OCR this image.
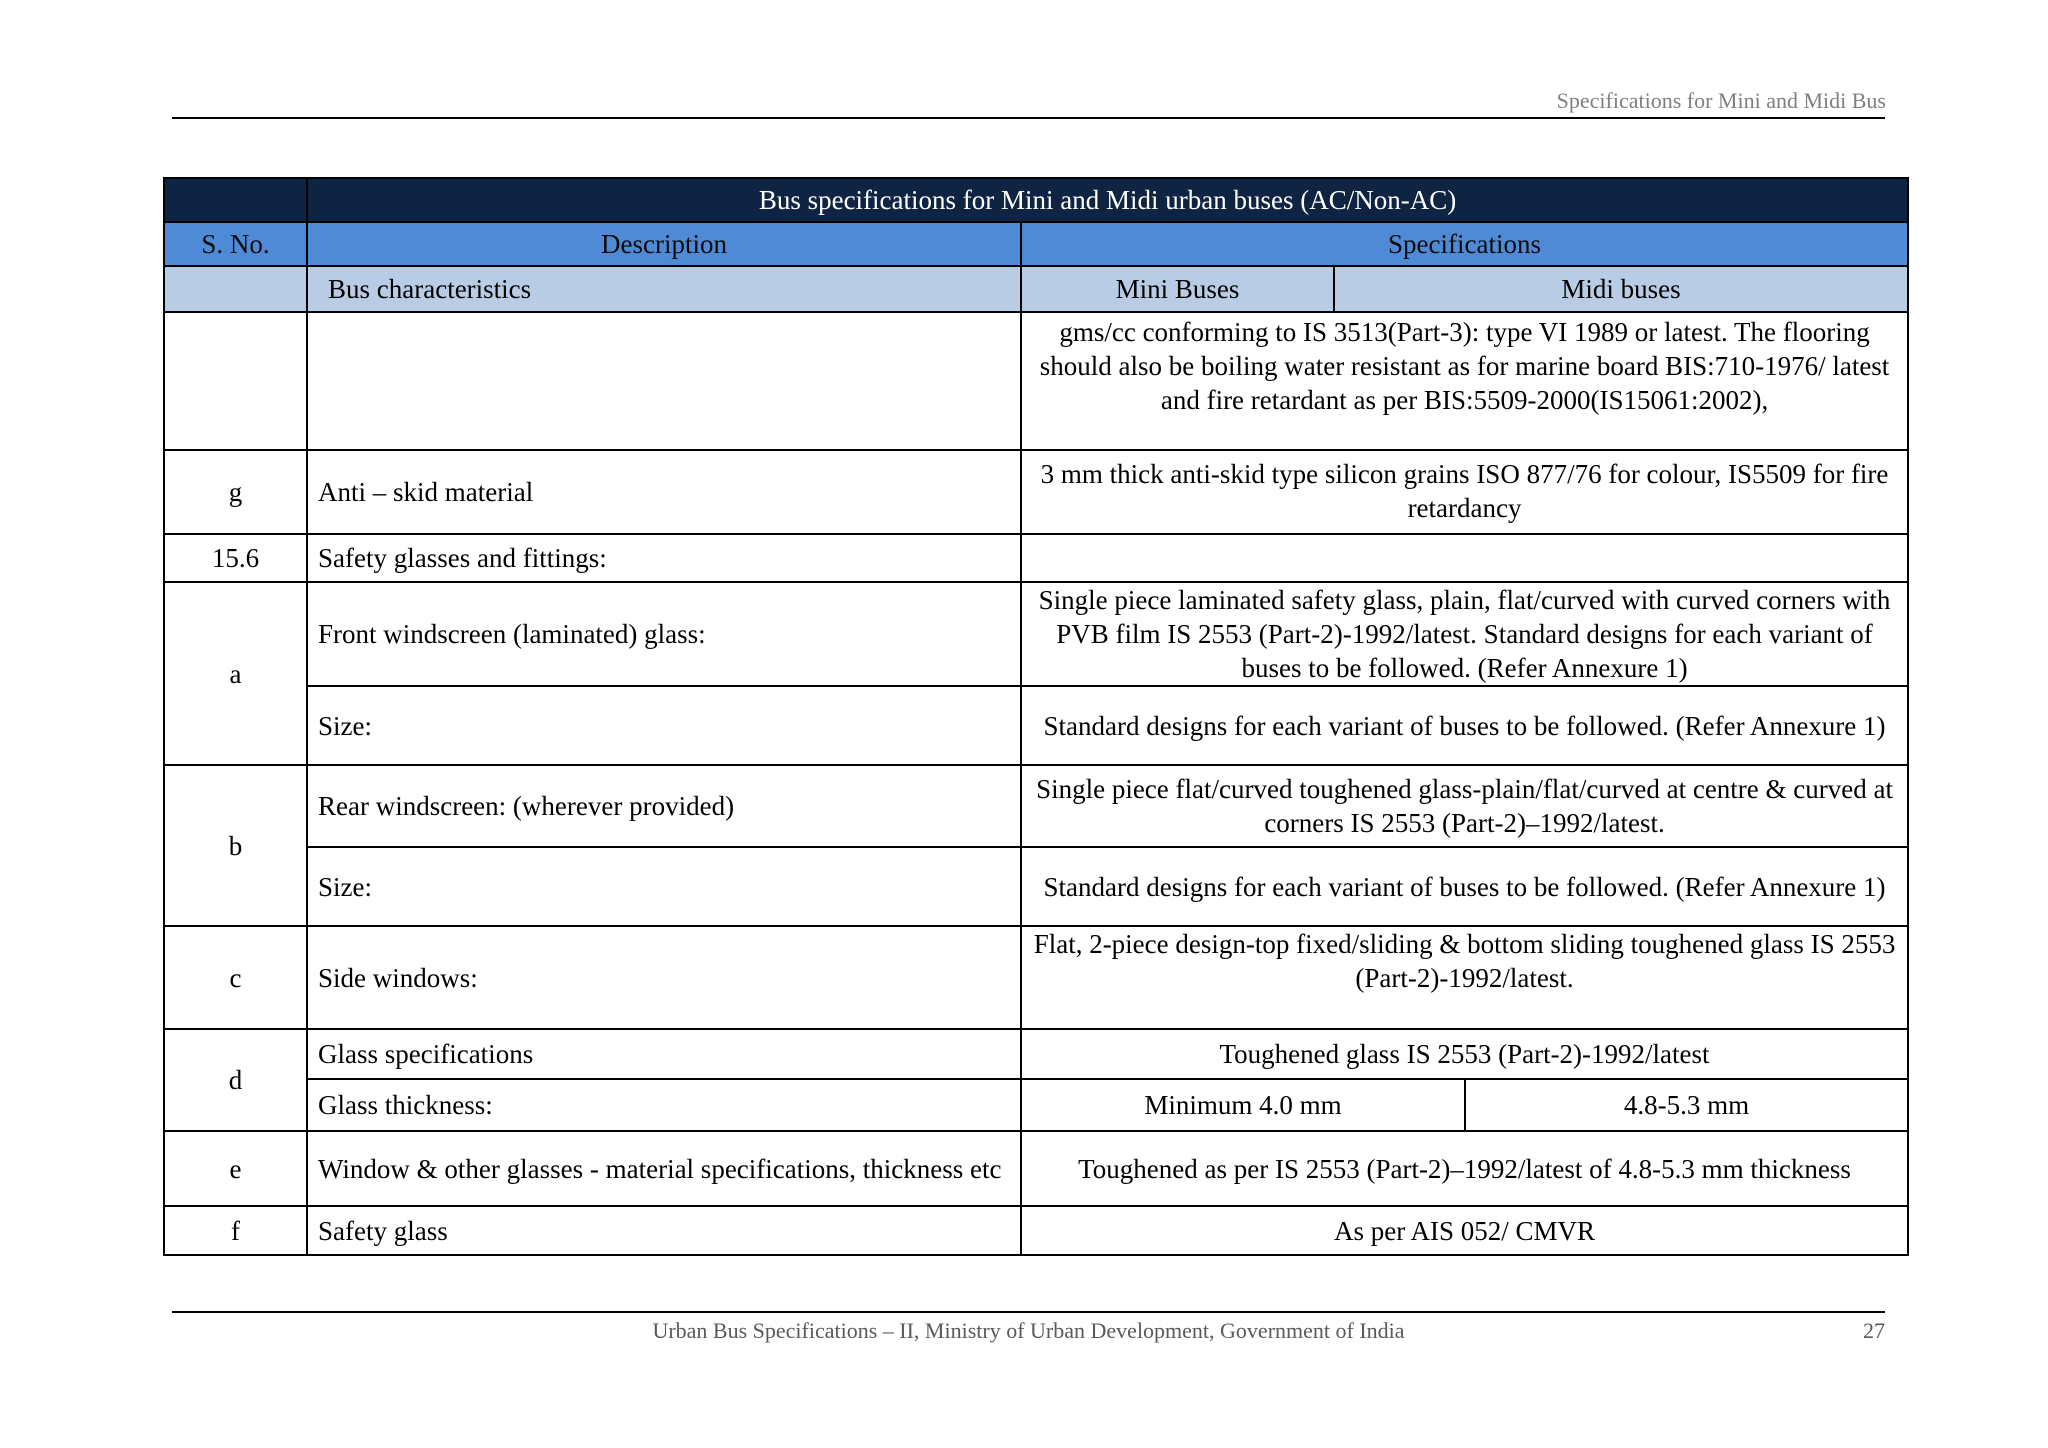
Specifications for Mini and Midi Bus
	Bus specifications for Mini and Midi urban buses (AC/Non-AC)			
S. No.	Description	Specifications		
	Bus characteristics	Mini Buses	Midi buses	
		gms/cc conforming to IS 3513(Part-3): type VI 1989 or latest. The flooring should also be boiling water resistant as for marine board BIS:710-1976/ latest and fire retardant as per BIS:5509-2000(IS15061:2002),		
g	Anti – skid material	3 mm thick anti-skid type silicon grains ISO 877/76 for colour, IS5509 for fire retardancy		
15.6	Safety glasses and fittings:			
a	Front windscreen (laminated) glass:	Single piece laminated safety glass, plain, flat/curved with curved corners with PVB film IS 2553 (Part-2)-1992/latest. Standard designs for each variant of buses to be followed. (Refer Annexure 1)		
	Size:	Standard designs for each variant of buses to be followed. (Refer Annexure 1)		
b	Rear windscreen: (wherever provided)	Single piece flat/curved toughened glass-plain/flat/curved at centre & curved at corners IS 2553 (Part-2)–1992/latest.		
	Size:	Standard designs for each variant of buses to be followed. (Refer Annexure 1)		
c	Side windows:	Flat, 2-piece design-top fixed/sliding & bottom sliding toughened glass IS 2553 (Part-2)-1992/latest.		
d	Glass specifications	Toughened glass IS 2553 (Part-2)-1992/latest		
	Glass thickness:	Minimum 4.0 mm		4.8-5.3 mm
e	Window & other glasses - material specifications, thickness etc	Toughened as per IS 2553 (Part-2)–1992/latest of 4.8-5.3 mm thickness		
f	Safety glass	As per AIS 052/ CMVR		
Urban Bus Specifications – II, Ministry of Urban Development, Government of India	27
